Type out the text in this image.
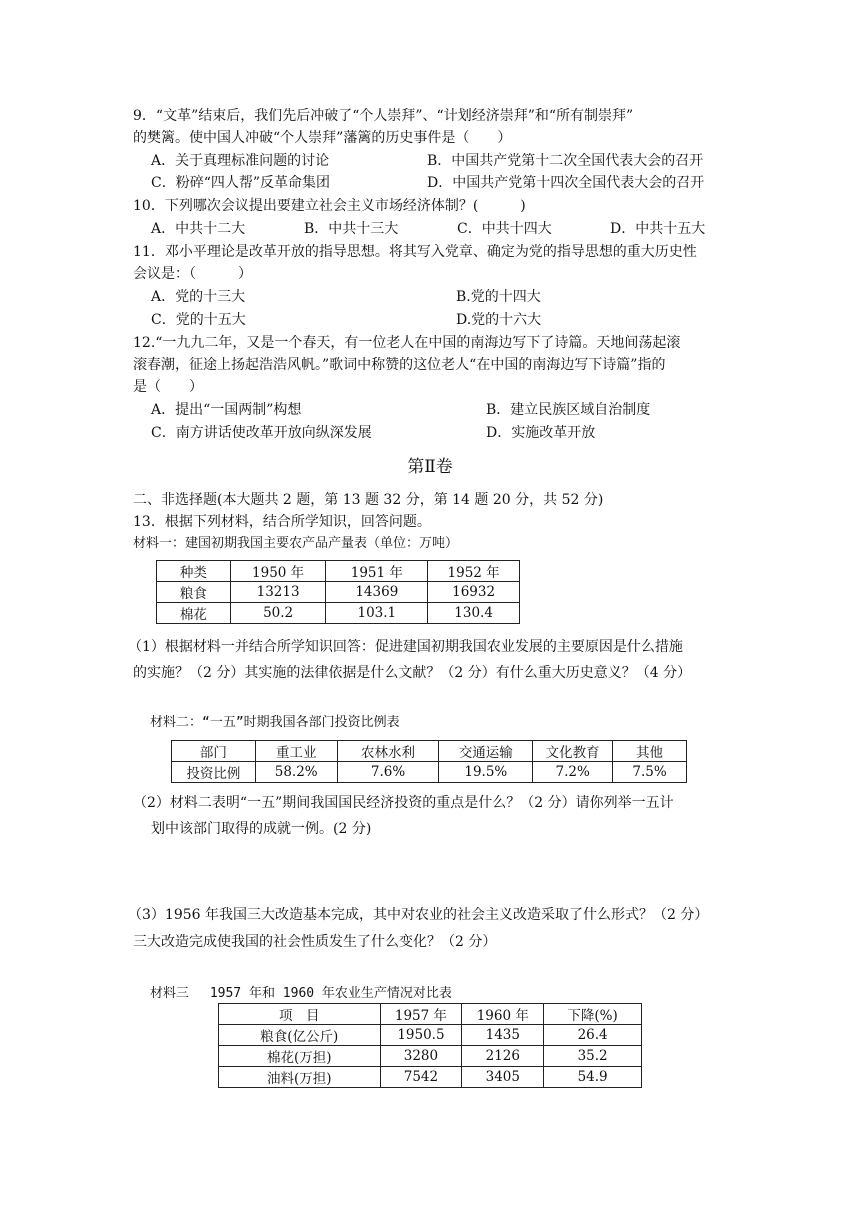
9．“文革”结束后，我们先后冲破了“个人崇拜”、“计划经济崇拜”和“所有制崇拜”
的樊篱。使中国人冲破“个人崇拜”藩篱的历史事件是（　　）
A．关于真理标准问题的讨论	B．中国共产党第十二次全国代表大会的召开
C．粉碎“四人帮”反革命集团	D．中国共产党第十四次全国代表大会的召开
10．下列哪次会议提出要建立社会主义市场经济体制？(　　　)
A．中共十二大	B．中共十三大	C．中共十四大	D．中共十五大
11．邓小平理论是改革开放的指导思想。将其写入党章、确定为党的指导思想的重大历史性
会议是：（　　　）
A．党的十三大	B.党的十四大
C．党的十五大	D.党的十六大
12.“一九九二年，又是一个春天，有一位老人在中国的南海边写下了诗篇。天地间荡起滚
滚春潮，征途上扬起浩浩风帆。”歌词中称赞的这位老人“在中国的南海边写下诗篇”指的
是（　　）
A．提出“一国两制”构想	B．建立民族区域自治制度
C．南方讲话使改革开放向纵深发展	D．实施改革开放
第Ⅱ卷
二、非选择题(本大题共 2 题，第 13 题 32 分，第 14 题 20 分，共 52 分)
13．根据下列材料，结合所学知识，回答问题。
材料一：建国初期我国主要农产品产量表（单位：万吨）
种类	1950 年	1951 年	1952 年
粮食	13213	14369	16932
棉花	50.2	103.1	130.4
（1）根据材料一并结合所学知识回答：促进建国初期我国农业发展的主要原因是什么措施
的实施？（2 分）其实施的法律依据是什么文献？（2 分）有什么重大历史意义？（4 分）
材料二：“一五”时期我国各部门投资比例表
部门	重工业	农林水利	交通运输	文化教育	其他
投资比例	58.2%	7.6%	19.5%	7.2%	7.5%
（2）材料二表明“一五”期间我国国民经济投资的重点是什么？（2 分）请你列举一五计
划中该部门取得的成就一例。(2 分)
（3）1956 年我国三大改造基本完成，其中对农业的社会主义改造采取了什么形式？（2 分）
三大改造完成使我国的社会性质发生了什么变化？（2 分）
材料三　 1957 年和 1960 年农业生产情况对比表
项　目	1957 年	1960 年	下降(%)
粮食(亿公斤)	1950.5	1435	26.4
棉花(万担)	3280	2126	35.2
油料(万担)	7542	3405	54.9
